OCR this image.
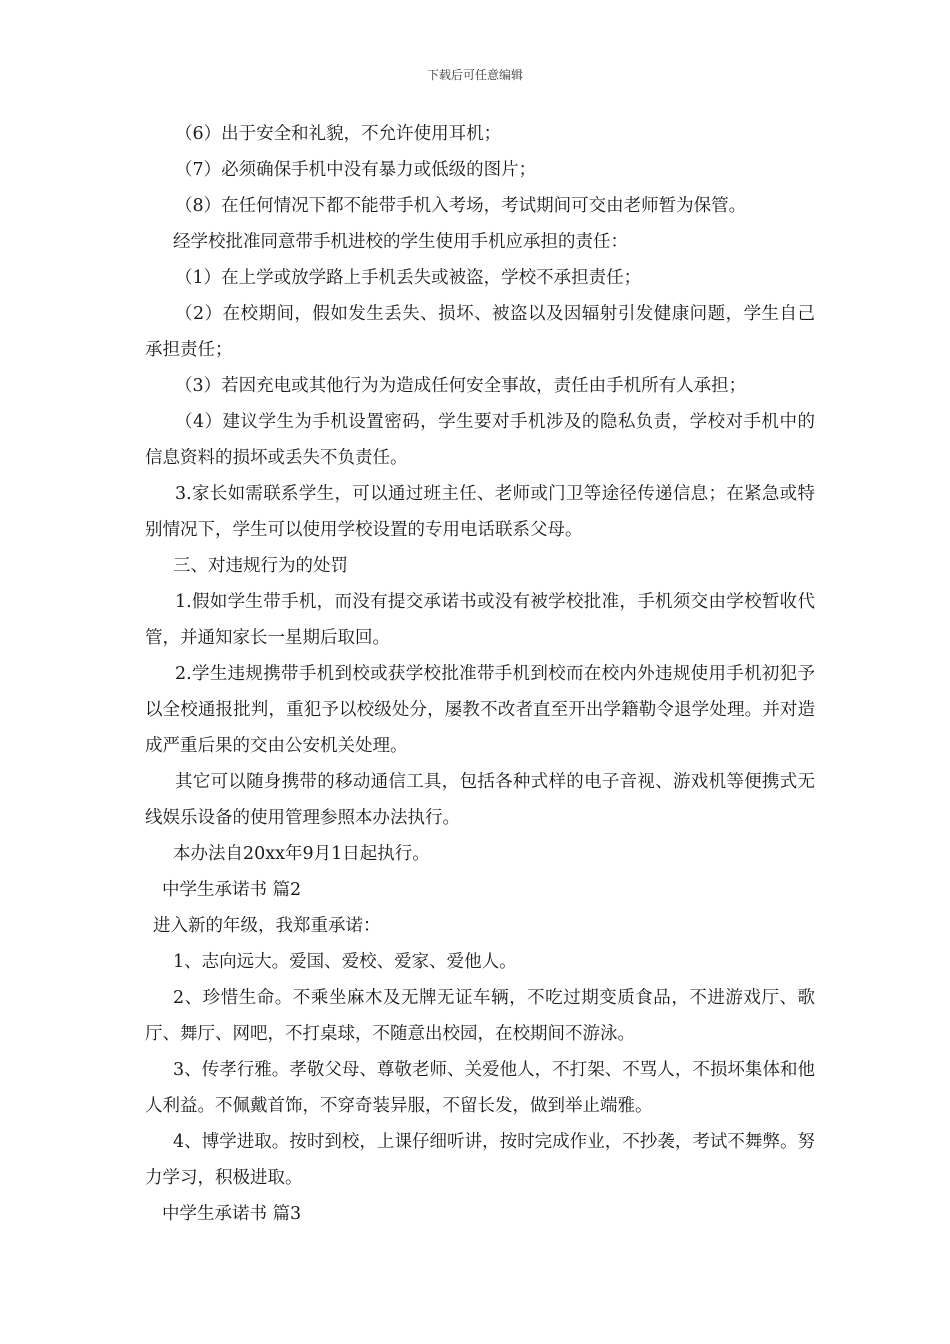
下载后可任意编辑

（6）出于安全和礼貌，不允许使用耳机；

（7）必须确保手机中没有暴力或低级的图片；

（8）在任何情况下都不能带手机入考场，考试期间可交由老师暂为保管。

经学校批准同意带手机进校的学生使用手机应承担的责任：

（1）在上学或放学路上手机丢失或被盗，学校不承担责任；

（2）在校期间，假如发生丢失、损坏、被盗以及因辐射引发健康问题，学生自己承担责任；

（3）若因充电或其他行为为造成任何安全事故，责任由手机所有人承担；

（4）建议学生为手机设置密码，学生要对手机涉及的隐私负责，学校对手机中的信息资料的损坏或丢失不负责任。

3.家长如需联系学生，可以通过班主任、老师或门卫等途径传递信息；在紧急或特别情况下，学生可以使用学校设置的专用电话联系父母。

三、对违规行为的处罚

1.假如学生带手机，而没有提交承诺书或没有被学校批准，手机须交由学校暂收代管，并通知家长一星期后取回。

2.学生违规携带手机到校或获学校批准带手机到校而在校内外违规使用手机初犯予以全校通报批判，重犯予以校级处分，屡教不改者直至开出学籍勒令退学处理。并对造成严重后果的交由公安机关处理。

其它可以随身携带的移动通信工具，包括各种式样的电子音视、游戏机等便携式无线娱乐设备的使用管理参照本办法执行。

本办法自20xx年9月1日起执行。

中学生承诺书 篇2

进入新的年级，我郑重承诺：

1、志向远大。爱国、爱校、爱家、爱他人。

2、珍惜生命。不乘坐麻木及无牌无证车辆，不吃过期变质食品，不进游戏厅、歌厅、舞厅、网吧，不打桌球，不随意出校园，在校期间不游泳。

3、传孝行雅。孝敬父母、尊敬老师、关爱他人，不打架、不骂人，不损坏集体和他人利益。不佩戴首饰，不穿奇装异服，不留长发，做到举止端雅。

4、博学进取。按时到校，上课仔细听讲，按时完成作业，不抄袭，考试不舞弊。努力学习，积极进取。

中学生承诺书 篇3
